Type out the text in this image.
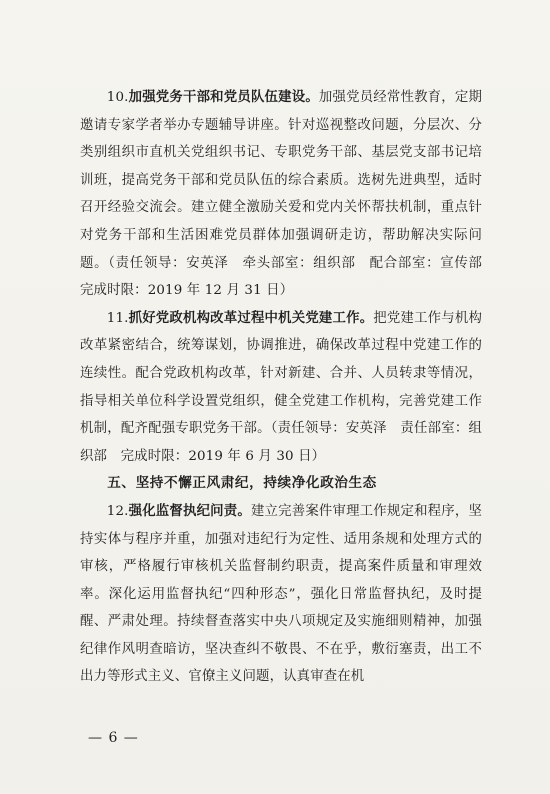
10.加强党务干部和党员队伍建设。加强党员经常性教育，定期邀请专家学者举办专题辅导讲座。针对巡视整改问题，分层次、分类别组织市直机关党组织书记、专职党务干部、基层党支部书记培训班，提高党务干部和党员队伍的综合素质。选树先进典型，适时召开经验交流会。建立健全激励关爱和党内关怀帮扶机制，重点针对党务干部和生活困难党员群体加强调研走访，帮助解决实际问题。（责任领导：安英泽　牵头部室：组织部　配合部室：宣传部　完成时限：2019 年 12 月 31 日）

11.抓好党政机构改革过程中机关党建工作。把党建工作与机构改革紧密结合，统筹谋划，协调推进，确保改革过程中党建工作的连续性。配合党政机构改革，针对新建、合并、人员转隶等情况，指导相关单位科学设置党组织，健全党建工作机构，完善党建工作机制，配齐配强专职党务干部。（责任领导：安英泽　责任部室：组织部　完成时限：2019 年 6 月 30 日）

五、坚持不懈正风肃纪，持续净化政治生态

12.强化监督执纪问责。建立完善案件审理工作规定和程序，坚持实体与程序并重，加强对违纪行为定性、适用条规和处理方式的审核，严格履行审核机关监督制约职责，提高案件质量和审理效率。深化运用监督执纪“四种形态”，强化日常监督执纪，及时提醒、严肃处理。持续督查落实中央八项规定及实施细则精神，加强纪律作风明查暗访，坚决查纠不敬畏、不在乎，敷衍塞责，出工不出力等形式主义、官僚主义问题，认真审查在机

— 6 —
